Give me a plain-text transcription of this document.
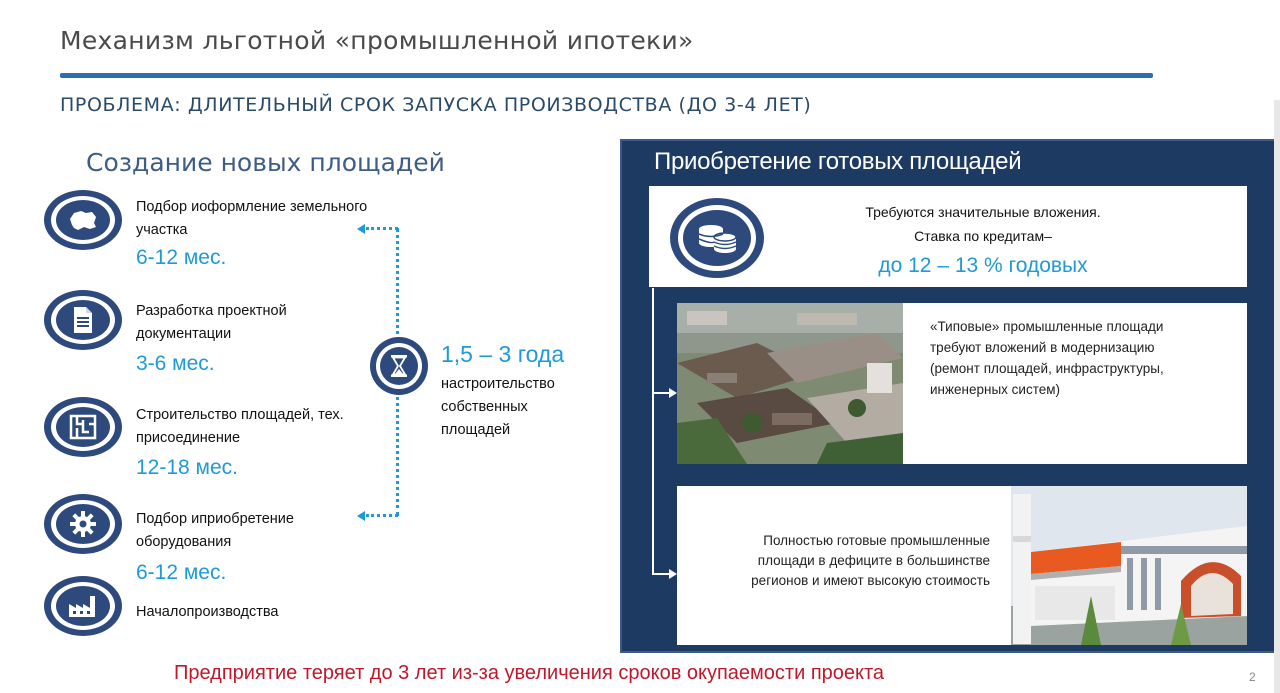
Механизм льготной «промышленной ипотеки»
ПРОБЛЕМА: ДЛИТЕЛЬНЫЙ СРОК ЗАПУСКА ПРОИЗВОДСТВА (ДО 3-4 ЛЕТ)
Создание новых площадей
Подбор иоформление земельного участка
6-12 мес.
Разработка проектной документации
3-6 мес.
Строительство площадей, тех. присоединение
12-18 мес.
Подбор иприобретение оборудования
6-12 мес.
Началопроизводства
1,5 – 3 года
настроительство собственных площадей
Приобретение готовых площадей
Требуются значительные вложения.
Ставка по кредитам–
до 12 – 13 % годовых
«Типовые» промышленные площади требуют вложений в модернизацию (ремонт площадей, инфраструктуры, инженерных систем)
Полностью готовые промышленные площади в дефиците в большинстве регионов и имеют высокую стоимость
Предприятие теряет до 3 лет из-за увеличения сроков окупаемости проекта	2
